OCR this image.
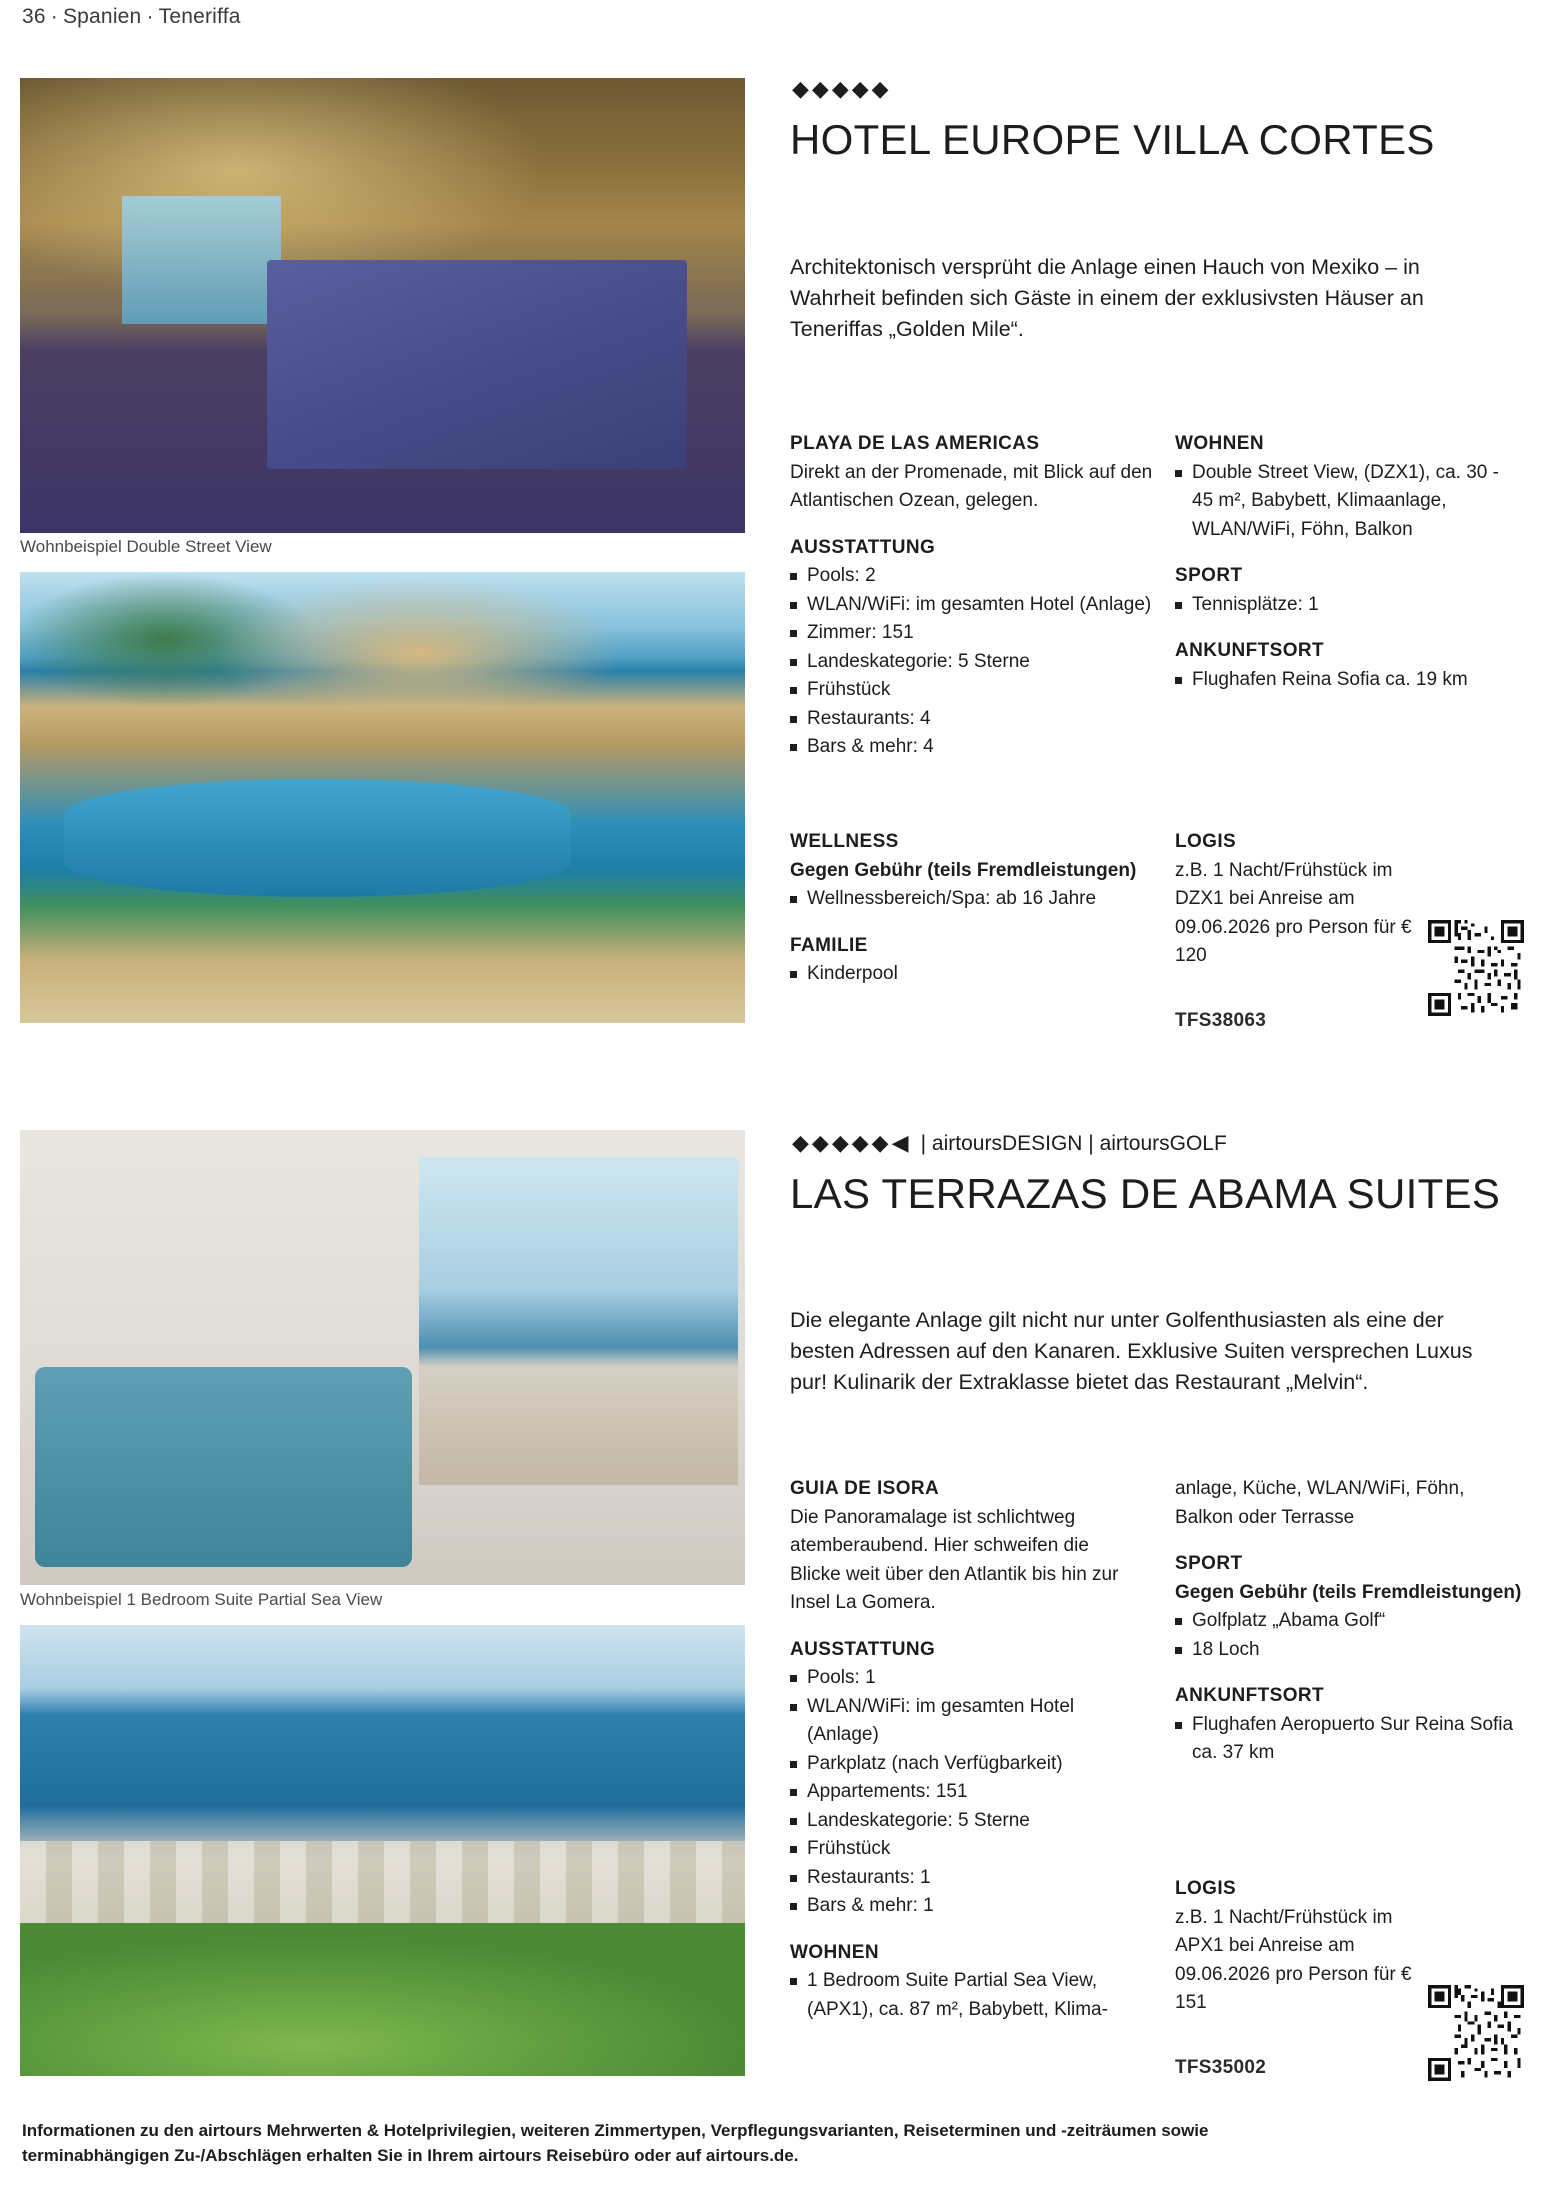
36 · Spanien · Teneriffa
Wohnbeispiel Double Street View
◆◆◆◆◆
HOTEL EUROPE VILLA CORTES
Architektonisch versprüht die Anlage einen Hauch von Mexiko – in Wahrheit befinden sich Gäste in einem der exklusivsten Häuser an Teneriffas „Golden Mile“.
PLAYA DE LAS AMERICAS
Direkt an der Promenade, mit Blick auf den Atlantischen Ozean, gelegen.
AUSSTATTUNG
Pools: 2
WLAN/WiFi: im gesamten Hotel (Anlage)
Zimmer: 151
Landeskategorie: 5 Sterne
Frühstück
Restaurants: 4
Bars & mehr: 4
WELLNESS
Gegen Gebühr (teils Fremdleistungen)
Wellnessbereich/Spa: ab 16 Jahre
FAMILIE
Kinderpool
WOHNEN
Double Street View, (DZX1), ca. 30 - 45 m², Babybett, Klimaanlage, WLAN/WiFi, Föhn, Balkon
SPORT
Tennisplätze: 1
ANKUNFTSORT
Flughafen Reina Sofia ca. 19 km
LOGIS
z.B. 1 Nacht/Frühstück im DZX1 bei Anreise am 09.06.2026 pro Person für € 120
TFS38063
Wohnbeispiel 1 Bedroom Suite Partial Sea View
◆◆◆◆◆◀ | airtoursDESIGN | airtoursGOLF
LAS TERRAZAS DE ABAMA SUITES
Die elegante Anlage gilt nicht nur unter Golfenthusiasten als eine der besten Adressen auf den Kanaren. Exklusive Suiten versprechen Luxus pur! Kulinarik der Extraklasse bietet das Restaurant „Melvin“.
GUIA DE ISORA
Die Panoramalage ist schlichtweg atemberaubend. Hier schweifen die Blicke weit über den Atlantik bis hin zur Insel La Gomera.
AUSSTATTUNG
Pools: 1
WLAN/WiFi: im gesamten Hotel (Anlage)
Parkplatz (nach Verfügbarkeit)
Appartements: 151
Landeskategorie: 5 Sterne
Frühstück
Restaurants: 1
Bars & mehr: 1
WOHNEN
1 Bedroom Suite Partial Sea View, (APX1), ca. 87 m², Babybett, Klima-
anlage, Küche, WLAN/WiFi, Föhn, Balkon oder Terrasse
SPORT
Gegen Gebühr (teils Fremdleistungen)
Golfplatz „Abama Golf“
18 Loch
ANKUNFTSORT
Flughafen Aeropuerto Sur Reina Sofia ca. 37 km
LOGIS
z.B. 1 Nacht/Frühstück im APX1 bei Anreise am 09.06.2026 pro Person für € 151
TFS35002
Informationen zu den airtours Mehrwerten & Hotelprivilegien, weiteren Zimmertypen, Verpflegungsvarianten, Reiseterminen und -zeiträumen sowie
terminabhängigen Zu-/Abschlägen erhalten Sie in Ihrem airtours Reisebüro oder auf airtours.de.
